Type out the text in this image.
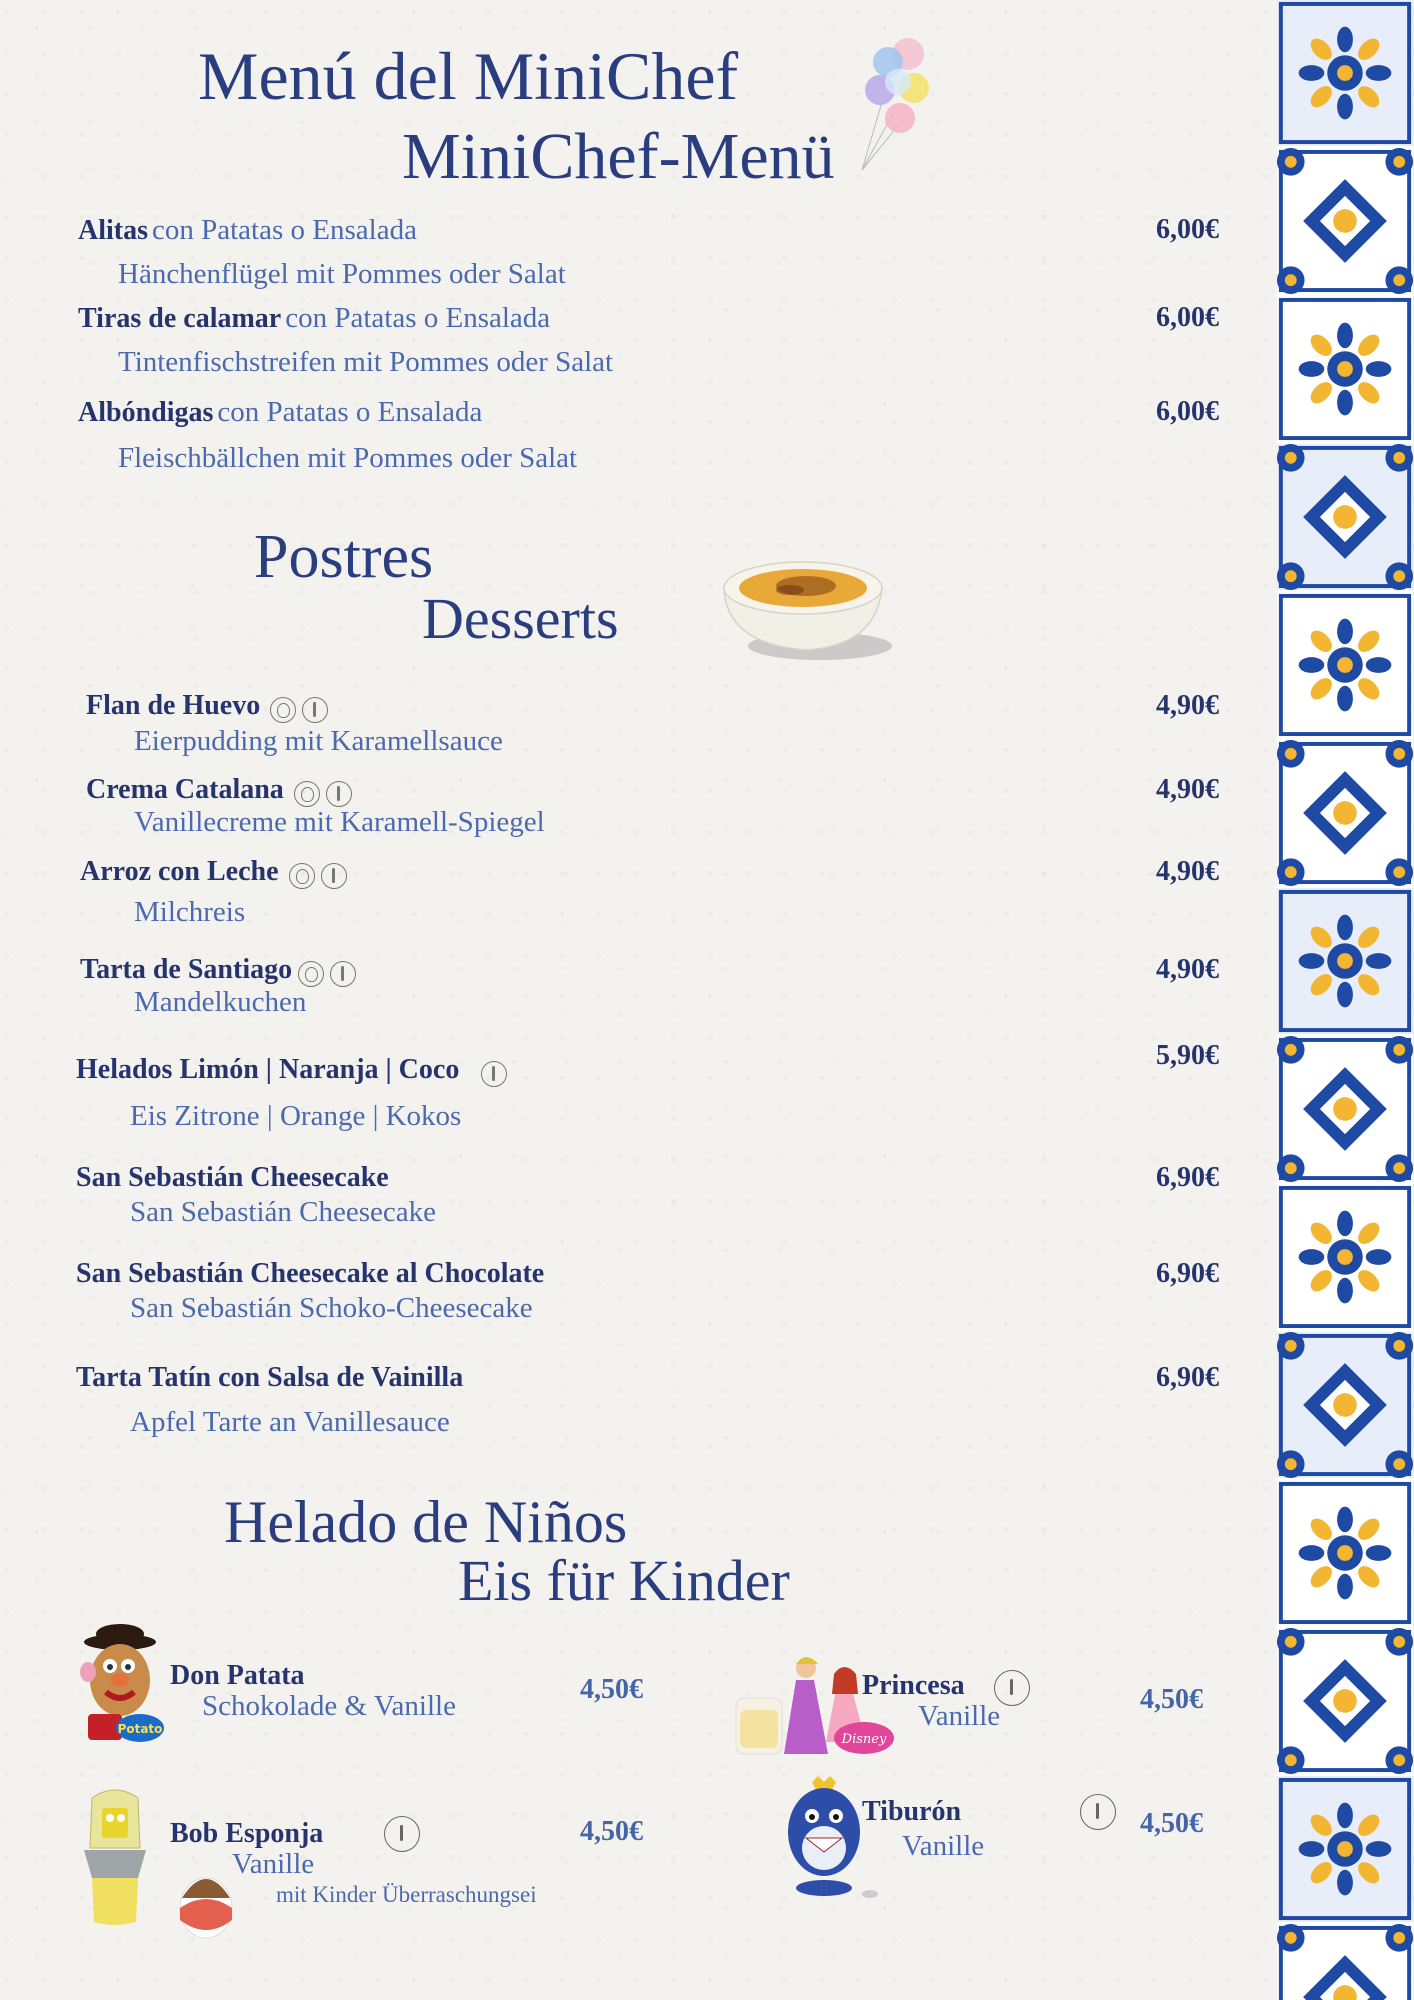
Menú del MiniChef
MiniChef-Menü
Alitas con Patatas o Ensalada
Hänchenflügel mit Pommes oder Salat
6,00€
Tiras de calamar con Patatas o Ensalada
Tintenfischstreifen mit Pommes oder Salat
6,00€
Albóndigas con Patatas o Ensalada
Fleischbällchen mit Pommes oder Salat
6,00€
Postres
Desserts
Flan de Huevo
Eierpudding mit Karamellsauce
4,90€
Crema Catalana
Vanillecreme mit Karamell-Spiegel
4,90€
Arroz con Leche
Milchreis
4,90€
Tarta de Santiago
Mandelkuchen
4,90€
Helados Limón | Naranja | Coco
Eis Zitrone | Orange | Kokos
5,90€
San Sebastián Cheesecake
San Sebastián Cheesecake
6,90€
San Sebastián Cheesecake al Chocolate
San Sebastián Schoko-Cheesecake
6,90€
Tarta Tatín con Salsa de Vainilla
Apfel Tarte an Vanillesauce
6,90€
Helado de Niños
Eis für Kinder
Potato
Don Patata
Schokolade & Vanille
4,50€
Disney
Princesa

Vanille
4,50€
Bob Esponja

Vanille
mit Kinder Überraschungsei
4,50€
Tiburón
Vanille
4,50€
